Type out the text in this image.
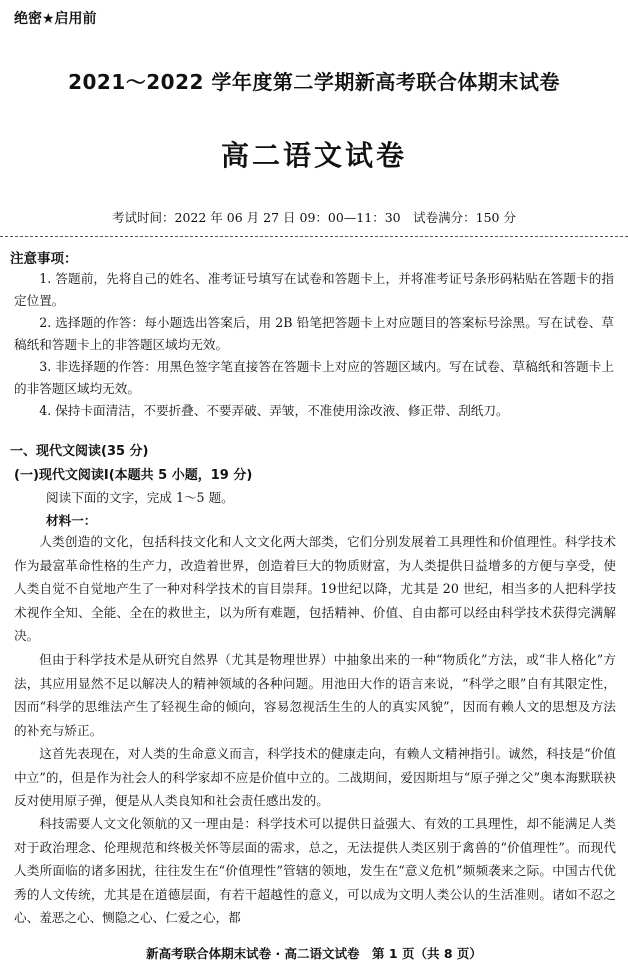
绝密★启用前
2021～2022 学年度第二学期新高考联合体期末试卷
高二语文试卷
考试时间：2022 年 06 月 27 日 09：00—11：30　试卷满分：150 分
注意事项：
1. 答题前，先将自己的姓名、准考证号填写在试卷和答题卡上，并将准考证号条形码粘贴在答题卡的指定位置。
2. 选择题的作答：每小题选出答案后，用 2B 铅笔把答题卡上对应题目的答案标号涂黑。写在试卷、草稿纸和答题卡上的非答题区域均无效。
3. 非选择题的作答：用黑色签字笔直接答在答题卡上对应的答题区域内。写在试卷、草稿纸和答题卡上的非答题区域均无效。
4. 保持卡面清洁，不要折叠、不要弄破、弄皱，不准使用涂改液、修正带、刮纸刀。
一、现代文阅读(35 分)
(一)现代文阅读Ⅰ(本题共 5 小题，19 分)
阅读下面的文字，完成 1～5 题。
材料一：
人类创造的文化，包括科技文化和人文文化两大部类，它们分别发展着工具理性和价值理性。科学技术作为最富革命性格的生产力，改造着世界，创造着巨大的物质财富，为人类提供日益增多的方便与享受，使人类自觉不自觉地产生了一种对科学技术的盲目崇拜。19世纪以降，尤其是 20 世纪，相当多的人把科学技术视作全知、全能、全在的救世主，以为所有难题，包括精神、价值、自由都可以经由科学技术获得完满解决。
但由于科学技术是从研究自然界（尤其是物理世界）中抽象出来的一种“物质化”方法，或“非人格化”方法，其应用显然不足以解决人的精神领域的各种问题。用池田大作的语言来说，“科学之眼”自有其限定性，因而“科学的思维法产生了轻视生命的倾向，容易忽视活生生的人的真实风貌”，因而有赖人文的思想及方法的补充与矫正。
这首先表现在，对人类的生命意义而言，科学技术的健康走向，有赖人文精神指引。诚然，科技是“价值中立”的，但是作为社会人的科学家却不应是价值中立的。二战期间，爱因斯坦与“原子弹之父”奥本海默联袂反对使用原子弹，便是从人类良知和社会责任感出发的。
科技需要人文文化领航的又一理由是：科学技术可以提供日益强大、有效的工具理性，却不能满足人类对于政治理念、伦理规范和终极关怀等层面的需求，总之，无法提供人类区别于禽兽的“价值理性”。而现代人类所面临的诸多困扰，往往发生在“价值理性”管辖的领地，发生在“意义危机”频频袭来之际。中国古代优秀的人文传统，尤其是在道德层面，有若干超越性的意义，可以成为文明人类公认的生活准则。诸如不忍之心、羞恶之心、恻隐之心、仁爱之心，都
新高考联合体期末试卷 · 高二语文试卷　第 1 页（共 8 页）
